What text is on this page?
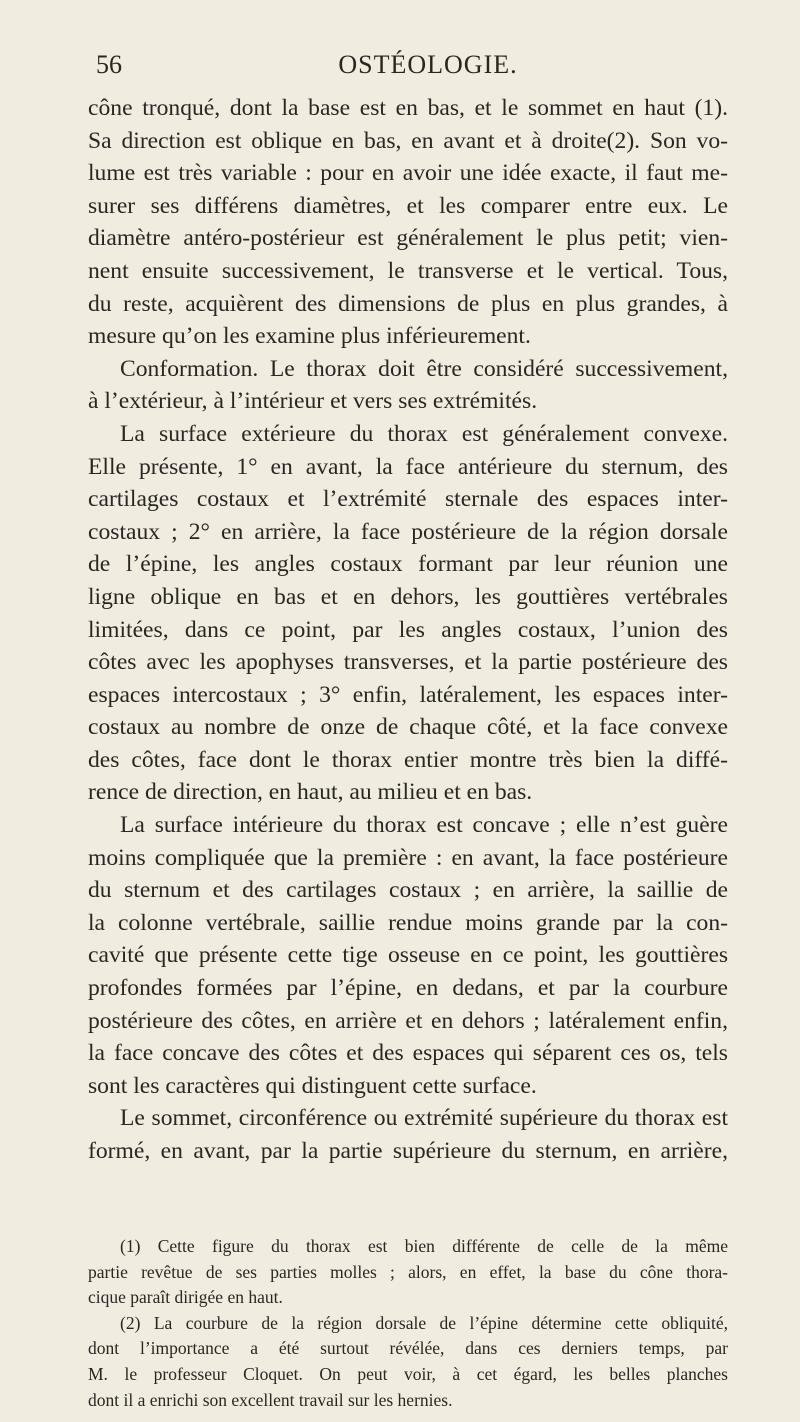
56	OSTÉOLOGIE.
cône tronqué, dont la base est en bas, et le sommet en haut (1).
Sa direction est oblique en bas, en avant et à droite(2). Son vo-
lume est très variable : pour en avoir une idée exacte, il faut me-
surer ses différens diamètres, et les comparer entre eux. Le
diamètre antéro-postérieur est généralement le plus petit; vien-
nent ensuite successivement, le transverse et le vertical. Tous,
du reste, acquièrent des dimensions de plus en plus grandes, à
mesure qu’on les examine plus inférieurement.
Conformation. Le thorax doit être considéré successivement,
à l’extérieur, à l’intérieur et vers ses extrémités.
La surface extérieure du thorax est généralement convexe.
Elle présente, 1° en avant, la face antérieure du sternum, des
cartilages costaux et l’extrémité sternale des espaces inter-
costaux ; 2° en arrière, la face postérieure de la région dorsale
de l’épine, les angles costaux formant par leur réunion une
ligne oblique en bas et en dehors, les gouttières vertébrales
limitées, dans ce point, par les angles costaux, l’union des
côtes avec les apophyses transverses, et la partie postérieure des
espaces intercostaux ; 3° enfin, latéralement, les espaces inter-
costaux au nombre de onze de chaque côté, et la face convexe
des côtes, face dont le thorax entier montre très bien la diffé-
rence de direction, en haut, au milieu et en bas.
La surface intérieure du thorax est concave ; elle n’est guère
moins compliquée que la première : en avant, la face postérieure
du sternum et des cartilages costaux ; en arrière, la saillie de
la colonne vertébrale, saillie rendue moins grande par la con-
cavité que présente cette tige osseuse en ce point, les gouttières
profondes formées par l’épine, en dedans, et par la courbure
postérieure des côtes, en arrière et en dehors ; latéralement enfin,
la face concave des côtes et des espaces qui séparent ces os, tels
sont les caractères qui distinguent cette surface.
Le sommet, circonférence ou extrémité supérieure du thorax est
formé, en avant, par la partie supérieure du sternum, en arrière,
(1) Cette figure du thorax est bien différente de celle de la même
partie revêtue de ses parties molles ; alors, en effet, la base du cône thora-
cique paraît dirigée en haut.
(2) La courbure de la région dorsale de l’épine détermine cette obliquité,
dont l’importance a été surtout révélée, dans ces derniers temps, par
M. le professeur Cloquet. On peut voir, à cet égard, les belles planches
dont il a enrichi son excellent travail sur les hernies.
